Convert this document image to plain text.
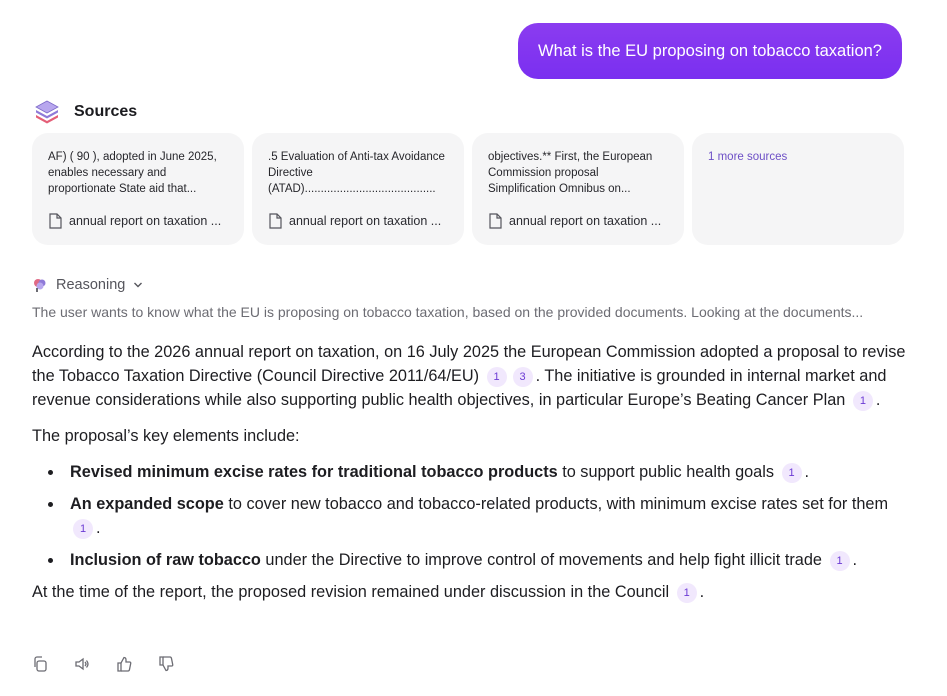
What is the EU proposing on tobacco taxation?
Sources
AF) ( 90 ), adopted in June 2025, enables necessary and proportionate State aid that...
annual report on taxation ...
.5 Evaluation of Anti-tax Avoidance Directive (ATAD).........................................
annual report on taxation ...
objectives.** First, the European Commission proposal Simplification Omnibus on...
annual report on taxation ...
1 more sources
Reasoning
The user wants to know what the EU is proposing on tobacco taxation, based on the provided documents. Looking at the documents...

According to the 2026 annual report on taxation, on 16 July 2025 the European Commission adopted a proposal to revise the Tobacco Taxation Directive (Council Directive 2011/64/EU) 1 3 . The initiative is grounded in internal market and revenue considerations while also supporting public health objectives, in particular Europe’s Beating Cancer Plan 1 .

The proposal’s key elements include:

Revised minimum excise rates for traditional tobacco products to support public health goals 1 .
An expanded scope to cover new tobacco and tobacco-related products, with minimum excise rates set for them 1 .
Inclusion of raw tobacco under the Directive to improve control of movements and help fight illicit trade 1 .

At the time of the report, the proposed revision remained under discussion in the Council 1 .
